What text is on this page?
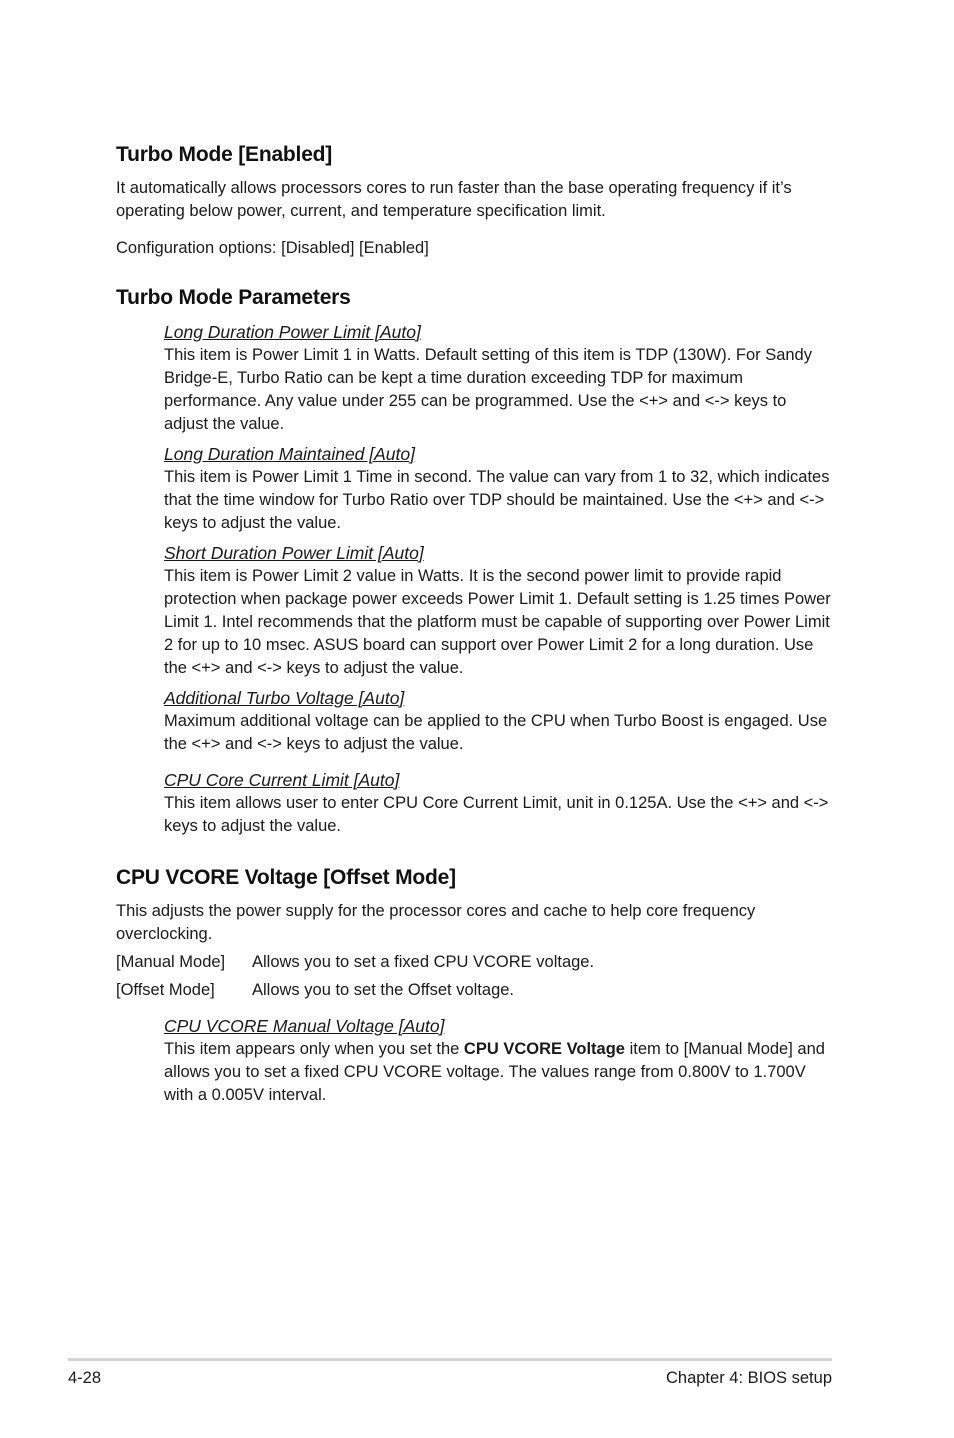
Turbo Mode [Enabled]

It automatically allows processors cores to run faster than the base operating frequency if it’s operating below power, current, and temperature specification limit.

Configuration options: [Disabled] [Enabled]

Turbo Mode Parameters
Long Duration Power Limit [Auto]

This item is Power Limit 1 in Watts. Default setting of this item is TDP (130W). For Sandy Bridge-E, Turbo Ratio can be kept a time duration exceeding TDP for maximum performance. Any value under 255 can be programmed. Use the <+> and <-> keys to adjust the value.

Long Duration Maintained [Auto]

This item is Power Limit 1 Time in second. The value can vary from 1 to 32, which indicates that the time window for Turbo Ratio over TDP should be maintained. Use the <+> and <-> keys to adjust the value.

Short Duration Power Limit [Auto]

This item is Power Limit 2 value in Watts. It is the second power limit to provide rapid protection when package power exceeds Power Limit 1. Default setting is 1.25 times Power Limit 1. Intel recommends that the platform must be capable of supporting over Power Limit 2 for up to 10 msec. ASUS board can support over Power Limit 2 for a long duration. Use the <+> and <-> keys to adjust the value.

Additional Turbo Voltage [Auto]

Maximum additional voltage can be applied to the CPU when Turbo Boost is engaged. Use the <+> and <-> keys to adjust the value.

CPU Core Current Limit [Auto]

This item allows user to enter CPU Core Current Limit, unit in 0.125A. Use the <+> and <-> keys to adjust the value.

CPU VCORE Voltage [Offset Mode]

This adjusts the power supply for the processor cores and cache to help core frequency overclocking.

[Manual Mode]	Allows you to set a fixed CPU VCORE voltage.
[Offset Mode]	Allows you to set the Offset voltage.
CPU VCORE Manual Voltage [Auto]

This item appears only when you set the CPU VCORE Voltage item to [Manual Mode] and allows you to set a fixed CPU VCORE voltage. The values range from 0.800V to 1.700V with a 0.005V interval.

4-28	Chapter 4: BIOS setup
